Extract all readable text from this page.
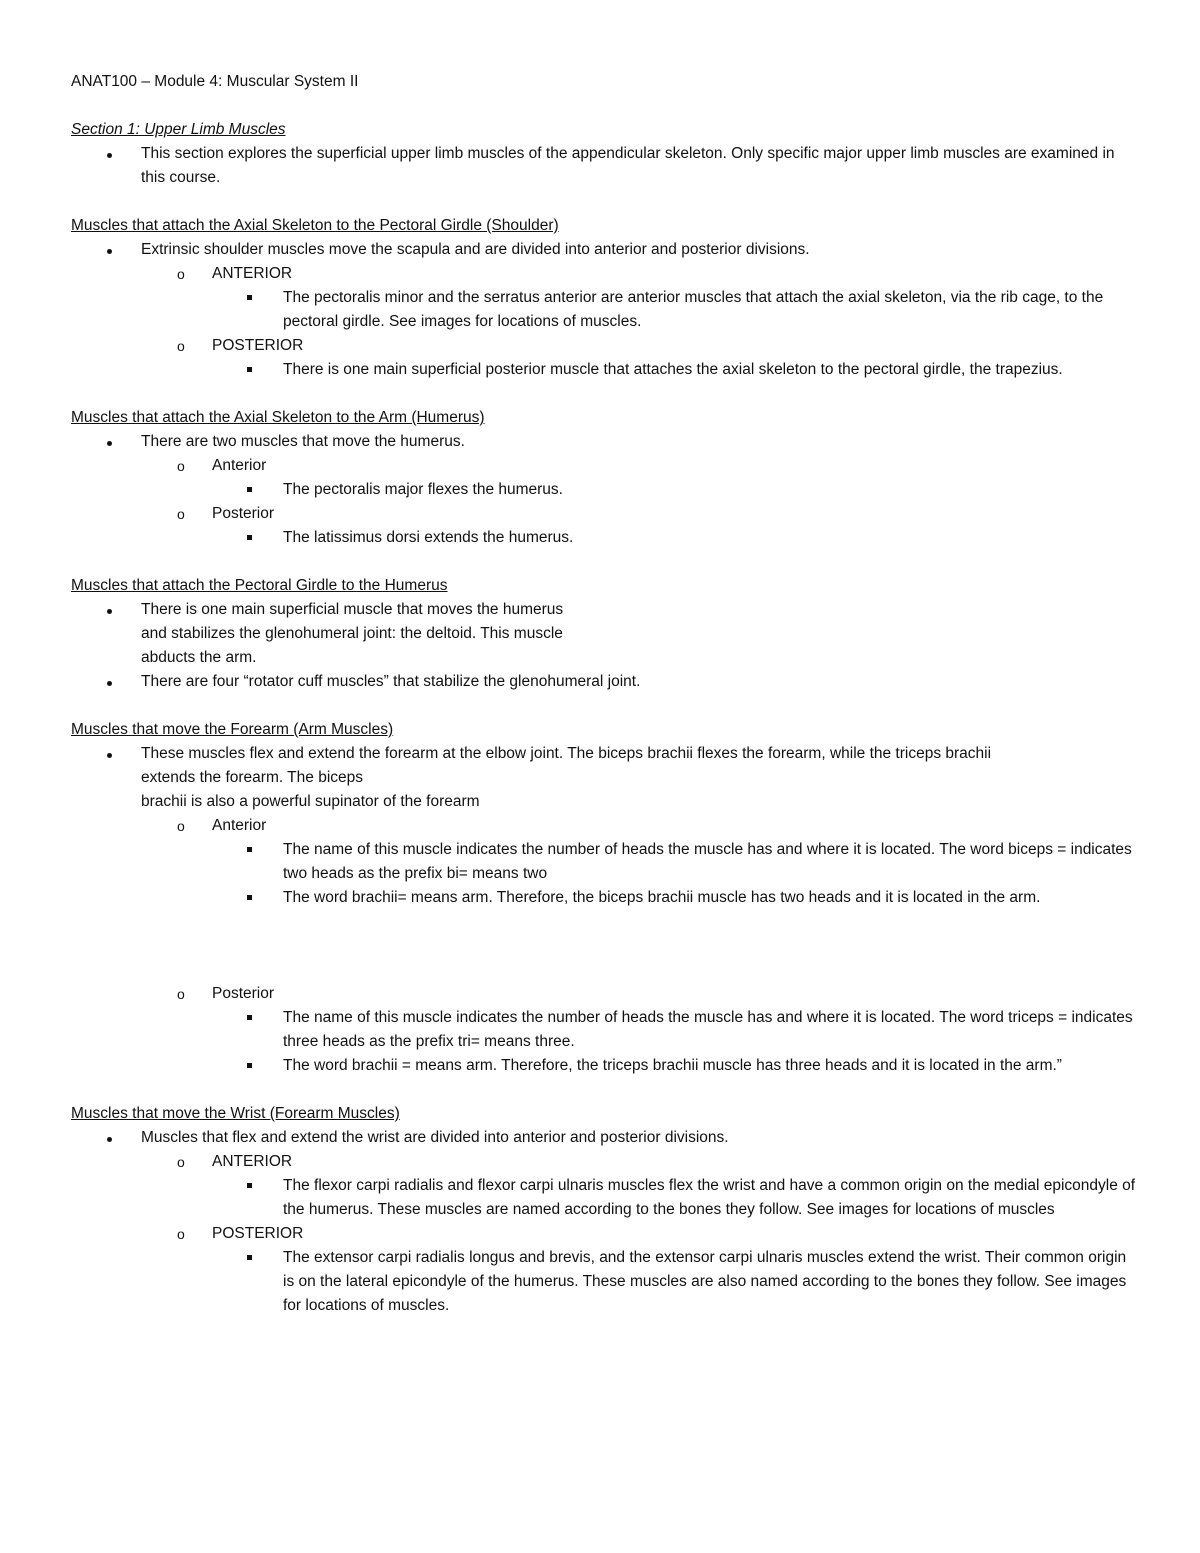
ANAT100 – Module 4: Muscular System II
Section 1: Upper Limb Muscles
This section explores the superficial upper limb muscles of the appendicular skeleton. Only specific major upper limb muscles are examined in this course.
Muscles that attach the Axial Skeleton to the Pectoral Girdle (Shoulder)
Extrinsic shoulder muscles move the scapula and are divided into anterior and posterior divisions.
o ANTERIOR
The pectoralis minor and the serratus anterior are anterior muscles that attach the axial skeleton, via the rib cage, to the pectoral girdle. See images for locations of muscles.
o POSTERIOR
There is one main superficial posterior muscle that attaches the axial skeleton to the pectoral girdle, the trapezius.
Muscles that attach the Axial Skeleton to the Arm (Humerus)
There are two muscles that move the humerus.
o Anterior
The pectoralis major flexes the humerus.
o Posterior
The latissimus dorsi extends the humerus.
Muscles that attach the Pectoral Girdle to the Humerus
There is one main superficial muscle that moves the humerus
and stabilizes the glenohumeral joint: the deltoid. This muscle
abducts the arm.
There are four “rotator cuff muscles” that stabilize the glenohumeral joint.
Muscles that move the Forearm (Arm Muscles)
These muscles flex and extend the forearm at the elbow joint. The biceps brachii flexes the forearm, while the triceps brachii
extends the forearm. The biceps
brachii is also a powerful supinator of the forearm
o Anterior
The name of this muscle indicates the number of heads the muscle has and where it is located. The word biceps = indicates two heads as the prefix bi= means two
The word brachii= means arm. Therefore, the biceps brachii muscle has two heads and it is located in the arm.
o Posterior
The name of this muscle indicates the number of heads the muscle has and where it is located. The word triceps = indicates three heads as the prefix tri= means three.
The word brachii = means arm. Therefore, the triceps brachii muscle has three heads and it is located in the arm.”
Muscles that move the Wrist (Forearm Muscles)
Muscles that flex and extend the wrist are divided into anterior and posterior divisions.
o ANTERIOR
The flexor carpi radialis and flexor carpi ulnaris muscles flex the wrist and have a common origin on the medial epicondyle of the humerus. These muscles are named according to the bones they follow. See images for locations of muscles
o POSTERIOR
The extensor carpi radialis longus and brevis, and the extensor carpi ulnaris muscles extend the wrist. Their common origin is on the lateral epicondyle of the humerus. These muscles are also named according to the bones they follow. See images for locations of muscles.
